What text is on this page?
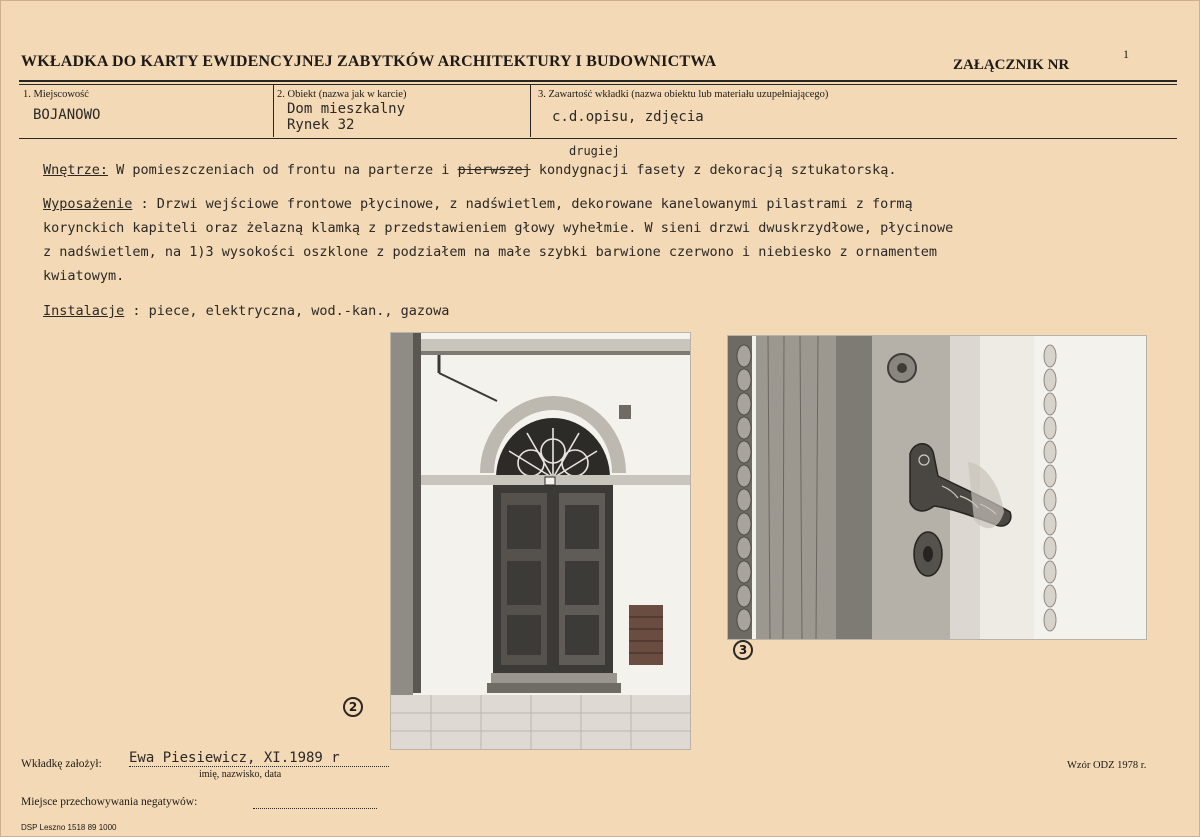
WKŁADKA DO KARTY EWIDENCYJNEJ ZABYTKÓW ARCHITEKTURY I BUDOWNICTWA	ZAŁĄCZNIK NR
1
1. Miejscowość
BOJANOWO
2. Obiekt (nazwa jak w karcie)
Dom mieszkalny
Rynek 32
3. Zawartość wkładki (nazwa obiektu lub materiału uzupełniającego)
c.d.opisu, zdjęcia
drugiej
Wnętrze: W pomieszczeniach od frontu na parterze i pierwszej kondygnacji fasety z dekoracją sztukatorską.
Wyposażenie : Drzwi wejściowe frontowe płycinowe, z nadświetlem, dekorowane kanelowanymi pilastrami z formą
korynckich kapiteli oraz żelazną klamką z przedstawieniem głowy wyhełmie. W sieni drzwi dwuskrzydłowe, płycinowe
z nadświetlem, na 1)3 wysokości oszklone z podziałem na małe szybki barwione czerwono i niebiesko z ornamentem
kwiatowym.
Instalacje : piece, elektryczna, wod.-kan., gazowa
2
3
Wkładkę założył: Ewa Piesiewicz, XI.1989 r
imię, nazwisko, data
Miejsce przechowywania negatywów:
Wzór ODZ 1978 r.
DSP Leszno 1518 89 1000
